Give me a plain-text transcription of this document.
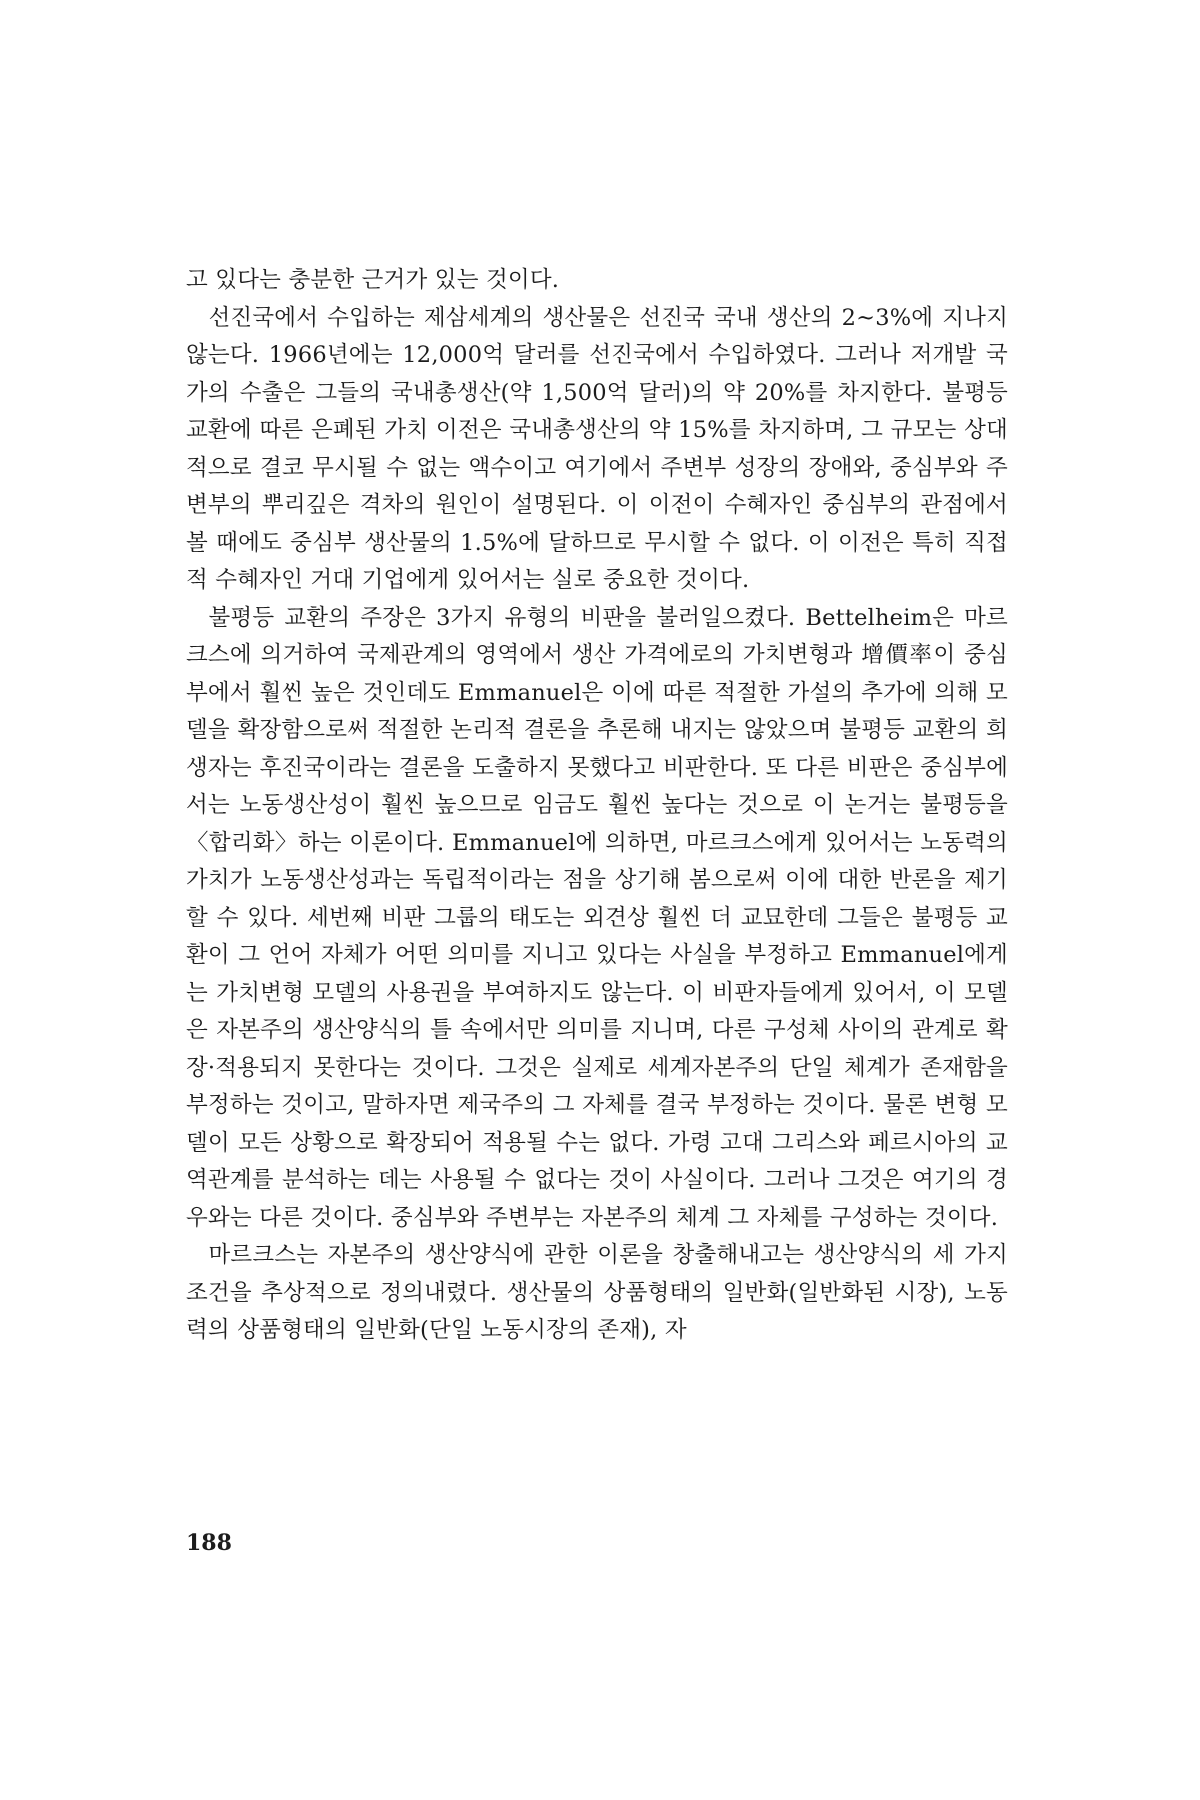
고 있다는 충분한 근거가 있는 것이다.

선진국에서 수입하는 제삼세계의 생산물은 선진국 국내 생산의 2~3%에 지나지 않는다. 1966년에는 12,000억 달러를 선진국에서 수입하였다. 그러나 저개발 국가의 수출은 그들의 국내총생산(약 1,500억 달러)의 약 20%를 차지한다. 불평등 교환에 따른 은폐된 가치 이전은 국내총생산의 약 15%를 차지하며, 그 규모는 상대적으로 결코 무시될 수 없는 액수이고 여기에서 주변부 성장의 장애와, 중심부와 주변부의 뿌리깊은 격차의 원인이 설명된다. 이 이전이 수혜자인 중심부의 관점에서 볼 때에도 중심부 생산물의 1.5%에 달하므로 무시할 수 없다. 이 이전은 특히 직접적 수혜자인 거대 기업에게 있어서는 실로 중요한 것이다.

불평등 교환의 주장은 3가지 유형의 비판을 불러일으켰다. Bettelheim은 마르크스에 의거하여 국제관계의 영역에서 생산 가격에로의 가치변형과 增價率이 중심부에서 훨씬 높은 것인데도 Emmanuel은 이에 따른 적절한 가설의 추가에 의해 모델을 확장함으로써 적절한 논리적 결론을 추론해 내지는 않았으며 불평등 교환의 희생자는 후진국이라는 결론을 도출하지 못했다고 비판한다. 또 다른 비판은 중심부에서는 노동생산성이 훨씬 높으므로 임금도 훨씬 높다는 것으로 이 논거는 불평등을 〈합리화〉하는 이론이다. Emmanuel에 의하면, 마르크스에게 있어서는 노동력의 가치가 노동생산성과는 독립적이라는 점을 상기해 봄으로써 이에 대한 반론을 제기할 수 있다. 세번째 비판 그룹의 태도는 외견상 훨씬 더 교묘한데 그들은 불평등 교환이 그 언어 자체가 어떤 의미를 지니고 있다는 사실을 부정하고 Emmanuel에게는 가치변형 모델의 사용권을 부여하지도 않는다. 이 비판자들에게 있어서, 이 모델은 자본주의 생산양식의 틀 속에서만 의미를 지니며, 다른 구성체 사이의 관계로 확장·적용되지 못한다는 것이다. 그것은 실제로 세계자본주의 단일 체계가 존재함을 부정하는 것이고, 말하자면 제국주의 그 자체를 결국 부정하는 것이다. 물론 변형 모델이 모든 상황으로 확장되어 적용될 수는 없다. 가령 고대 그리스와 페르시아의 교역관계를 분석하는 데는 사용될 수 없다는 것이 사실이다. 그러나 그것은 여기의 경우와는 다른 것이다. 중심부와 주변부는 자본주의 체계 그 자체를 구성하는 것이다.

마르크스는 자본주의 생산양식에 관한 이론을 창출해내고는 생산양식의 세 가지 조건을 추상적으로 정의내렸다. 생산물의 상품형태의 일반화(일반화된 시장), 노동력의 상품형태의 일반화(단일 노동시장의 존재), 자

188
